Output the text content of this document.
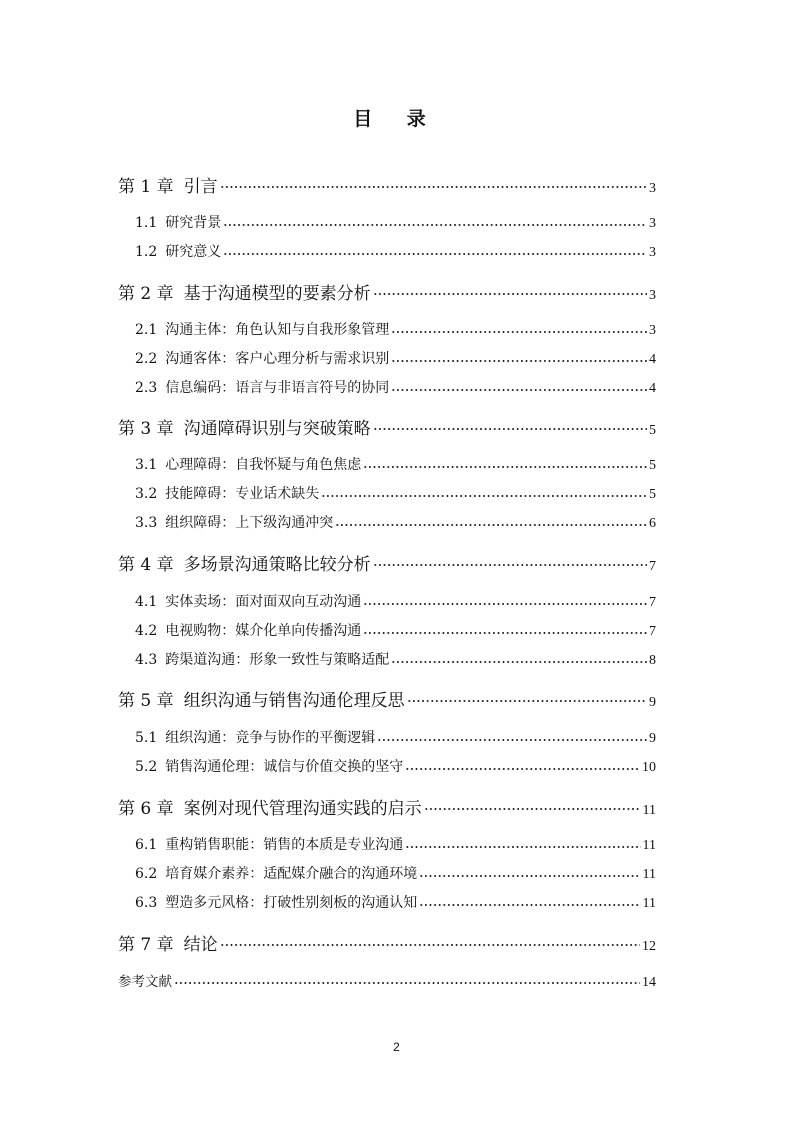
目 录
第 1 章 引言	3
1.1 研究背景	3
1.2 研究意义	3
第 2 章 基于沟通模型的要素分析	3
2.1 沟通主体：角色认知与自我形象管理	3
2.2 沟通客体：客户心理分析与需求识别	4
2.3 信息编码：语言与非语言符号的协同	4
第 3 章 沟通障碍识别与突破策略	5
3.1 心理障碍：自我怀疑与角色焦虑	5
3.2 技能障碍：专业话术缺失	5
3.3 组织障碍：上下级沟通冲突	6
第 4 章 多场景沟通策略比较分析	7
4.1 实体卖场：面对面双向互动沟通	7
4.2 电视购物：媒介化单向传播沟通	7
4.3 跨渠道沟通：形象一致性与策略适配	8
第 5 章 组织沟通与销售沟通伦理反思	9
5.1 组织沟通：竞争与协作的平衡逻辑	9
5.2 销售沟通伦理：诚信与价值交换的坚守	10
第 6 章 案例对现代管理沟通实践的启示	11
6.1 重构销售职能：销售的本质是专业沟通	11
6.2 培育媒介素养：适配媒介融合的沟通环境	11
6.3 塑造多元风格：打破性别刻板的沟通认知	11
第 7 章 结论	12
参考文献	14
2
